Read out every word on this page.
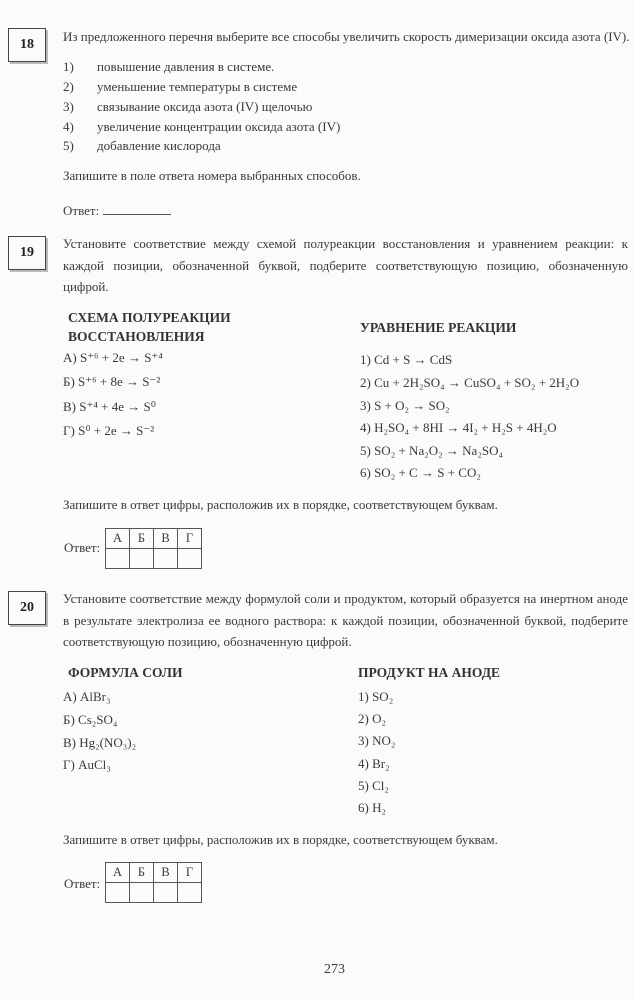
18
Из предложенного перечня выберите все способы увеличить скорость димеризации оксида азота (IV).
1) повышение давления в системе.
2) уменьшение температуры в системе
3) связывание оксида азота (IV) щелочью
4) увеличение концентрации оксида азота (IV)
5) добавление кислорода
Запишите в поле ответа номера выбранных способов.
Ответ:
19
Установите соответствие между схемой полуреакции восстановления и уравнением реакции: к каждой позиции, обозначенной буквой, подберите соответствующую позицию, обозначенную цифрой.
СХЕМА ПОЛУРЕАКЦИИ
ВОССТАНОВЛЕНИЯ
УРАВНЕНИЕ РЕАКЦИИ
А) S⁺⁶ + 2e → S⁺⁴
Б) S⁺⁶ + 8e → S⁻²
В) S⁺⁴ + 4e → S⁰
Г) S⁰ + 2e → S⁻²
1) Cd + S → CdS
2) Cu + 2H₂SO₄ → CuSO₄ + SO₂ + 2H₂O
3) S + O₂ → SO₂
4) H₂SO₄ + 8HI → 4I₂ + H₂S + 4H₂O
5) SO₂ + Na₂O₂ → Na₂SO₄
6) SO₂ + C → S + CO₂
Запишите в ответ цифры, расположив их в порядке, соответствующем буквам.
Ответ:
А	Б	В	Г

20
Установите соответствие между формулой соли и продуктом, который образуется на инертном аноде в результате электролиза ее водного раствора: к каждой позиции, обозначенной буквой, подберите соответствующую позицию, обозначенную цифрой.
ФОРМУЛА СОЛИ	ПРОДУКТ НА АНОДЕ
А) AlBr₃
Б) Cs₂SO₄
В) Hg₂(NO₃)₂
Г) AuCl₃
1) SO₂
2) O₂
3) NO₂
4) Br₂
5) Cl₂
6) H₂
Запишите в ответ цифры, расположив их в порядке, соответствующем буквам.
Ответ:
А	Б	В	Г

273
